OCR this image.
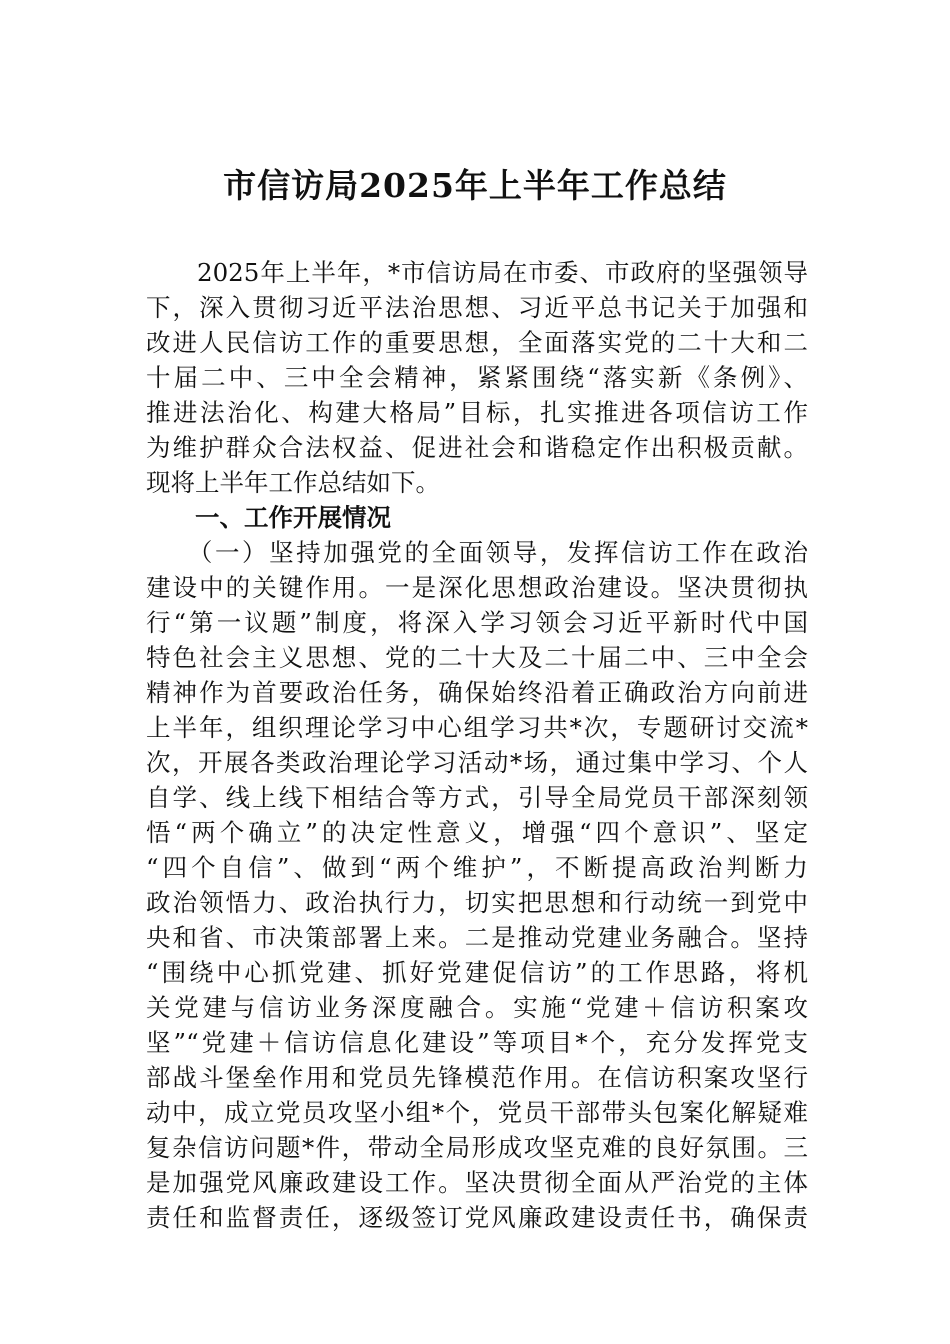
市信访局2025年上半年工作总结
　　2025年上半年，*市信访局在市委、市政府的坚强领导
下，深入贯彻习近平法治思想、习近平总书记关于加强和
改进人民信访工作的重要思想，全面落实党的二十大和二
十届二中、三中全会精神，紧紧围绕“落实新《条例》、
推进法治化、构建大格局”目标，扎实推进各项信访工作
为维护群众合法权益、促进社会和谐稳定作出积极贡献。
现将上半年工作总结如下。
　　一、工作开展情况
　　（一）坚持加强党的全面领导，发挥信访工作在政治
建设中的关键作用。一是深化思想政治建设。坚决贯彻执
行“第一议题”制度，将深入学习领会习近平新时代中国
特色社会主义思想、党的二十大及二十届二中、三中全会
精神作为首要政治任务，确保始终沿着正确政治方向前进
上半年，组织理论学习中心组学习共*次，专题研讨交流*
次，开展各类政治理论学习活动*场，通过集中学习、个人
自学、线上线下相结合等方式，引导全局党员干部深刻领
悟“两个确立”的决定性意义，增强“四个意识”、坚定
“四个自信”、做到“两个维护”，不断提高政治判断力
政治领悟力、政治执行力，切实把思想和行动统一到党中
央和省、市决策部署上来。二是推动党建业务融合。坚持
“围绕中心抓党建、抓好党建促信访”的工作思路，将机
关党建与信访业务深度融合。实施“党建＋信访积案攻
坚”“党建＋信访信息化建设”等项目*个，充分发挥党支
部战斗堡垒作用和党员先锋模范作用。在信访积案攻坚行
动中，成立党员攻坚小组*个，党员干部带头包案化解疑难
复杂信访问题*件，带动全局形成攻坚克难的良好氛围。三
是加强党风廉政建设工作。坚决贯彻全面从严治党的主体
责任和监督责任，逐级签订党风廉政建设责任书，确保责
